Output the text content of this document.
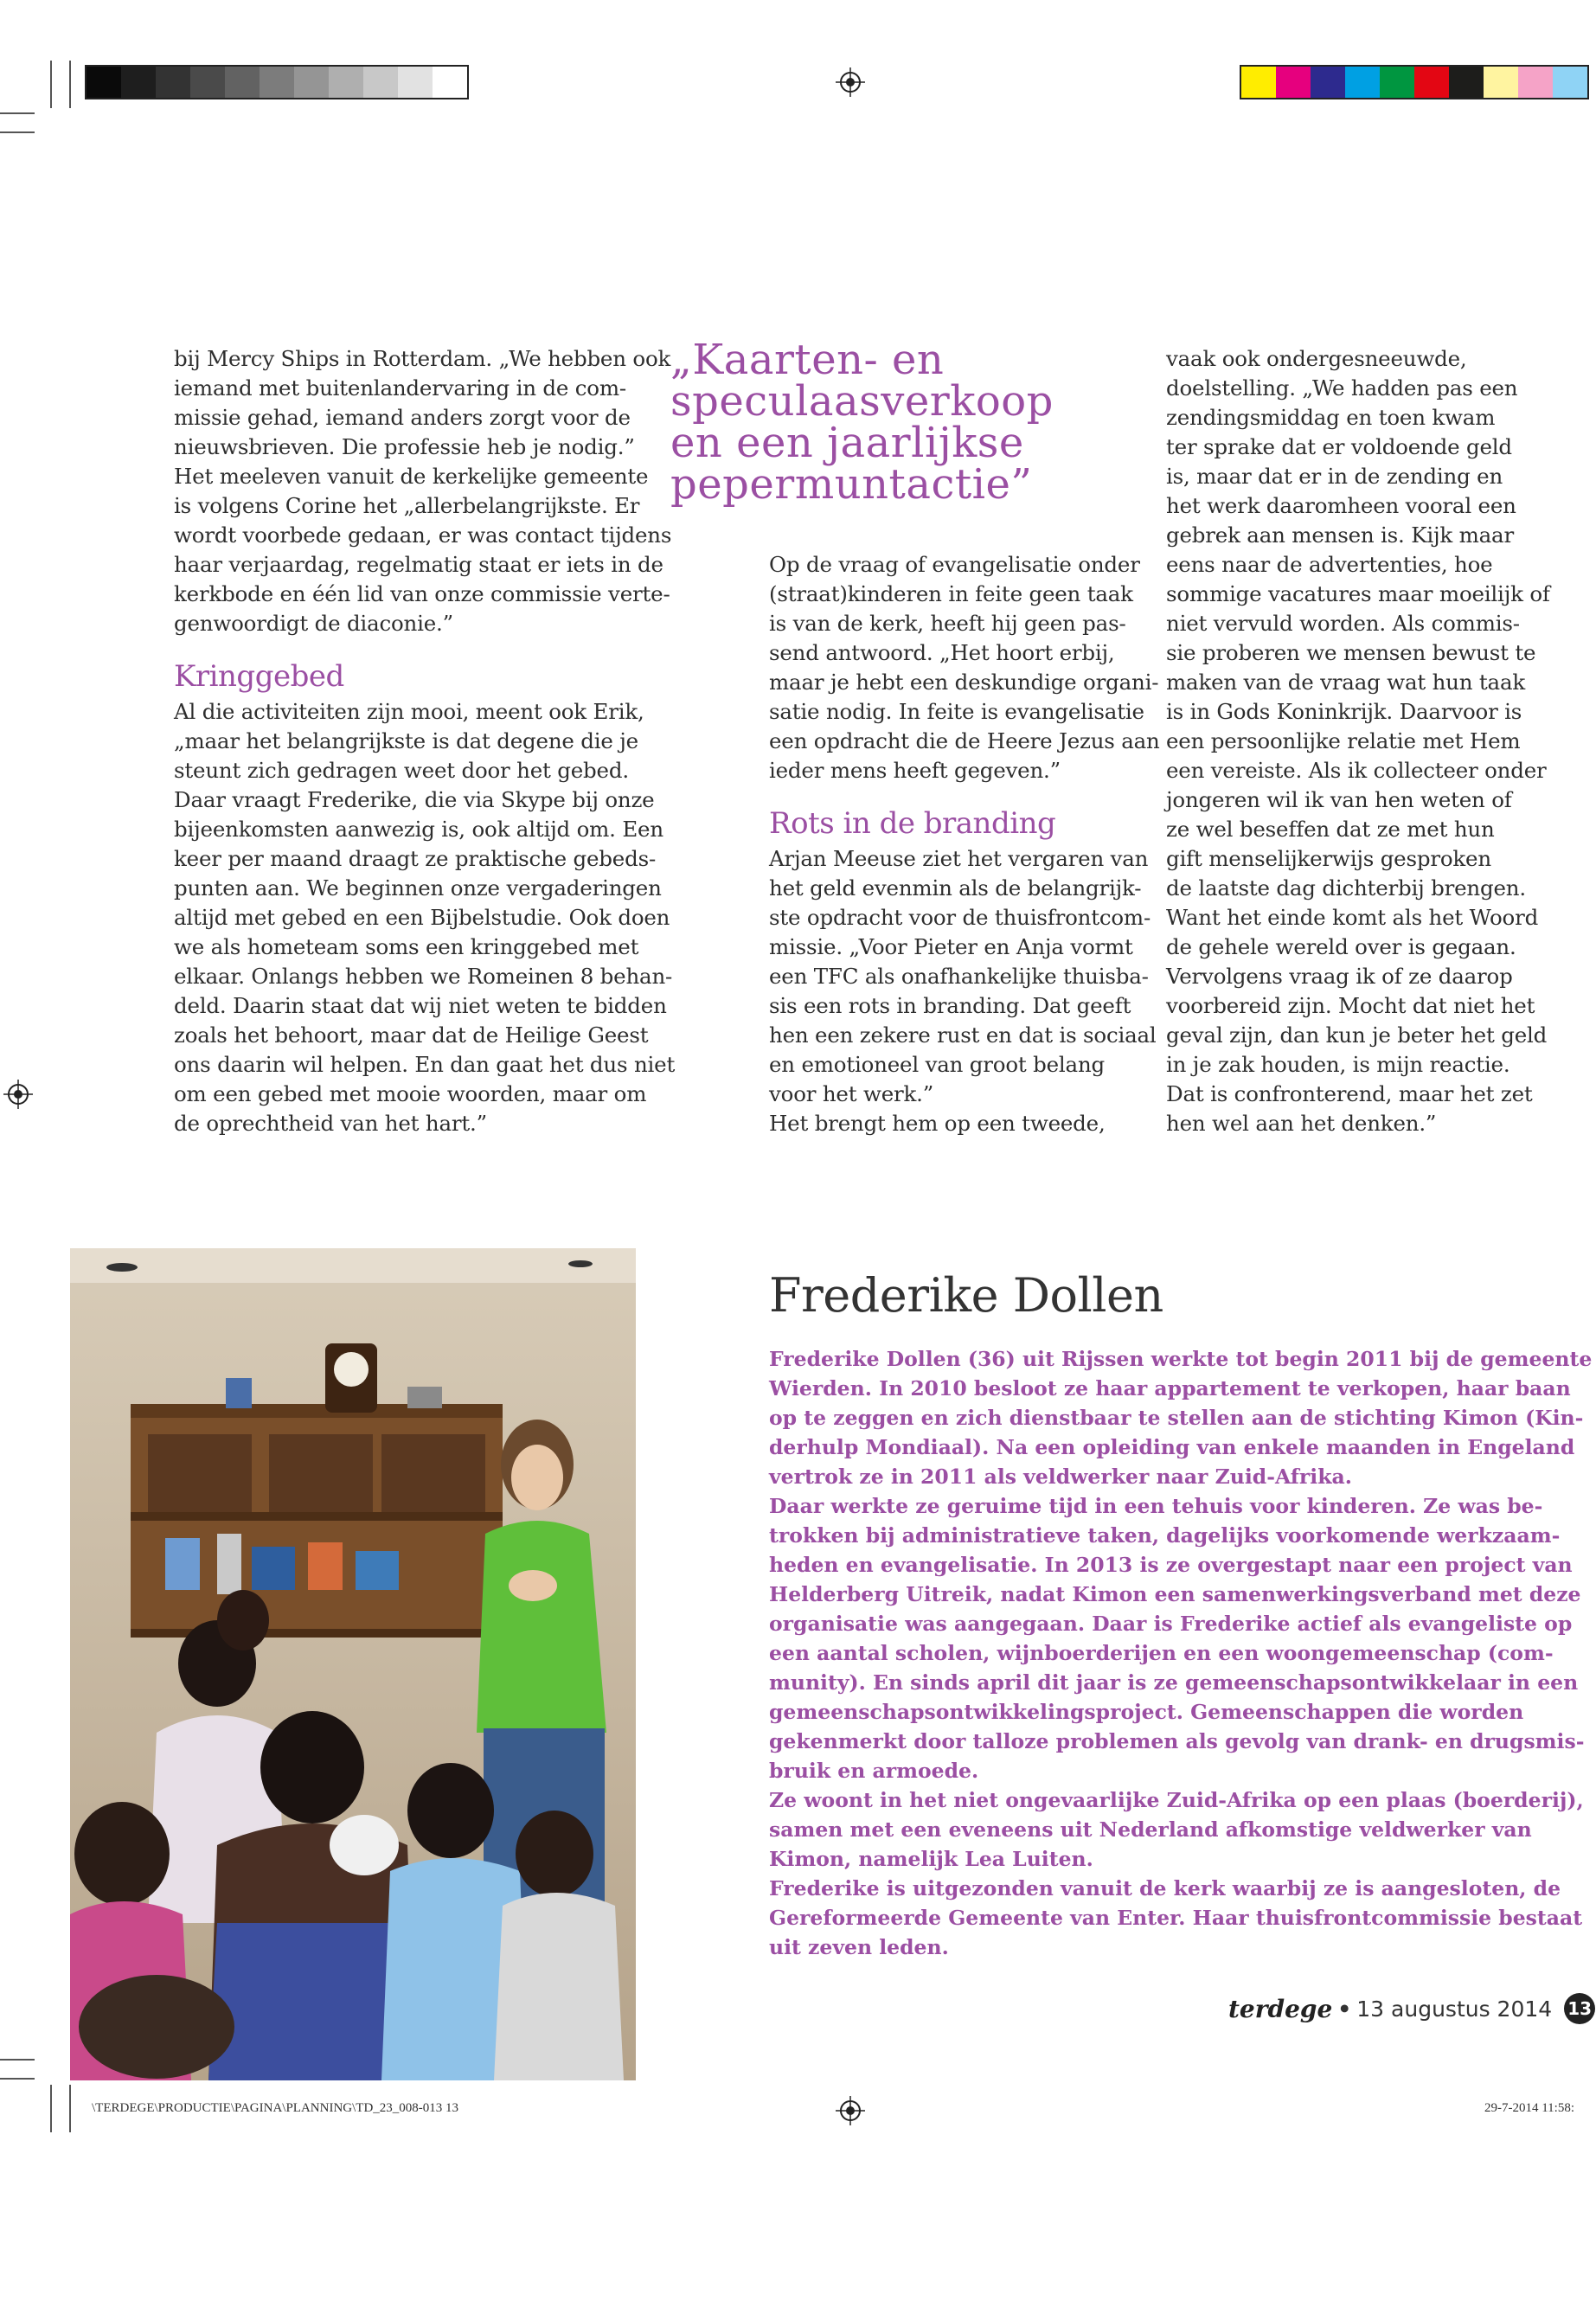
bij Mercy Ships in Rotterdam. „We hebben ook
iemand met buitenlandervaring in de com-
missie gehad, iemand anders zorgt voor de
nieuwsbrieven. Die professie heb je nodig.”
Het meeleven vanuit de kerkelijke gemeente
is volgens Corine het „allerbelangrijkste. Er
wordt voorbede gedaan, er was contact tijdens
haar verjaardag, regelmatig staat er iets in de
kerkbode en één lid van onze commissie verte-
genwoordigt de diaconie.”
Kringgebed
Al die activiteiten zijn mooi, meent ook Erik,
„maar het belangrijkste is dat degene die je
steunt zich gedragen weet door het gebed.
Daar vraagt Frederike, die via Skype bij onze
bijeenkomsten aanwezig is, ook altijd om. Een
keer per maand draagt ze praktische gebeds-
punten aan. We beginnen onze vergaderingen
altijd met gebed en een Bijbelstudie. Ook doen
we als hometeam soms een kringgebed met
elkaar. Onlangs hebben we Romeinen 8 behan-
deld. Daarin staat dat wij niet weten te bidden
zoals het behoort, maar dat de Heilige Geest
ons daarin wil helpen. En dan gaat het dus niet
om een gebed met mooie woorden, maar om
de oprechtheid van het hart.”
„Kaarten- en
speculaasverkoop
en een jaarlijkse
pepermuntactie”
Op de vraag of evangelisatie onder
(straat)kinderen in feite geen taak
is van de kerk, heeft hij geen pas-
send antwoord. „Het hoort erbij,
maar je hebt een deskundige organi-
satie nodig. In feite is evangelisatie
een opdracht die de Heere Jezus aan
ieder mens heeft gegeven.”
Rots in de branding
Arjan Meeuse ziet het vergaren van
het geld evenmin als de belangrijk-
ste opdracht voor de thuisfrontcom-
missie. „Voor Pieter en Anja vormt
een TFC als onafhankelijke thuisba-
sis een rots in branding. Dat geeft
hen een zekere rust en dat is sociaal
en emotioneel van groot belang
voor het werk.”
Het brengt hem op een tweede,
vaak ook ondergesneeuwde,
doelstelling. „We hadden pas een
zendingsmiddag en toen kwam
ter sprake dat er voldoende geld
is, maar dat er in de zending en
het werk daaromheen vooral een
gebrek aan mensen is. Kijk maar
eens naar de advertenties, hoe
sommige vacatures maar moeilijk of
niet vervuld worden. Als commis-
sie proberen we mensen bewust te
maken van de vraag wat hun taak
is in Gods Koninkrijk. Daarvoor is
een persoonlijke relatie met Hem
een vereiste. Als ik collecteer onder
jongeren wil ik van hen weten of
ze wel beseffen dat ze met hun
gift menselijkerwijs gesproken
de laatste dag dichterbij brengen.
Want het einde komt als het Woord
de gehele wereld over is gegaan.
Vervolgens vraag ik of ze daarop
voorbereid zijn. Mocht dat niet het
geval zijn, dan kun je beter het geld
in je zak houden, is mijn reactie.
Dat is confronterend, maar het zet
hen wel aan het denken.”
Frederike Dollen
Frederike Dollen (36) uit Rijssen werkte tot begin 2011 bij de gemeente
Wierden. In 2010 besloot ze haar appartement te verkopen, haar baan
op te zeggen en zich dienstbaar te stellen aan de stichting Kimon (Kin-
derhulp Mondiaal). Na een opleiding van enkele maanden in Engeland
vertrok ze in 2011 als veldwerker naar Zuid-Afrika.
Daar werkte ze geruime tijd in een tehuis voor kinderen. Ze was be-
trokken bij administratieve taken, dagelijks voorkomende werkzaam-
heden en evangelisatie. In 2013 is ze overgestapt naar een project van
Helderberg Uitreik, nadat Kimon een samenwerkingsverband met deze
organisatie was aangegaan. Daar is Frederike actief als evangeliste op
een aantal scholen, wijnboerderijen en een woongemeenschap (com-
munity). En sinds april dit jaar is ze gemeenschapsontwikkelaar in een
gemeenschapsontwikkelingsproject. Gemeenschappen die worden
gekenmerkt door talloze problemen als gevolg van drank- en drugsmis-
bruik en armoede.
Ze woont in het niet ongevaarlijke Zuid-Afrika op een plaas (boerderij),
samen met een eveneens uit Nederland afkomstige veldwerker van
Kimon, namelijk Lea Luiten.
Frederike is uitgezonden vanuit de kerk waarbij ze is aangesloten, de
Gereformeerde Gemeente van Enter. Haar thuisfrontcommissie bestaat
uit zeven leden.
terdege • 13 augustus 2014 13
\TERDEGE\PRODUCTIE\PAGINA\PLANNING\TD_23_008-013 13	29-7-2014 11:58:
